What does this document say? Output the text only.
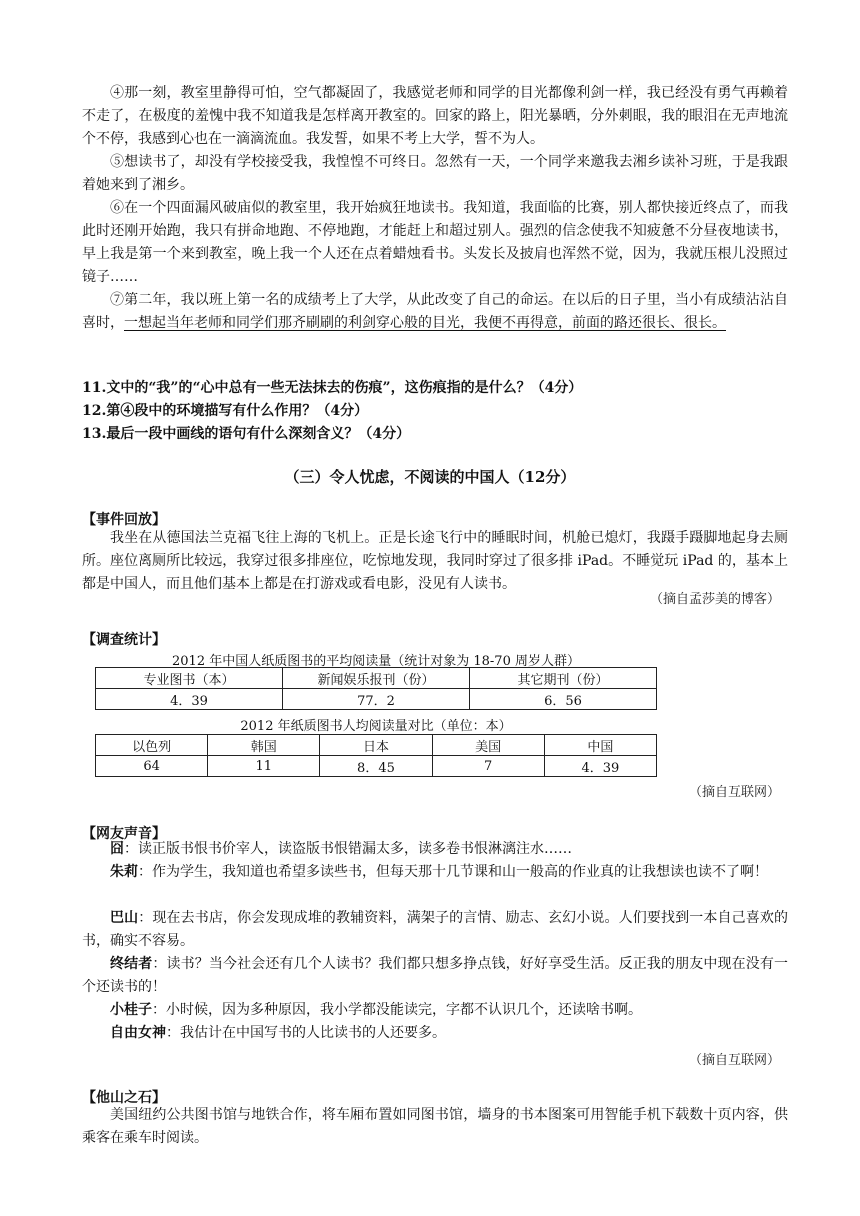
④那一刻，教室里静得可怕，空气都凝固了，我感觉老师和同学的目光都像利剑一样，我已经没有勇气再赖着不走了，在极度的羞愧中我不知道我是怎样离开教室的。回家的路上，阳光暴晒，分外刺眼，我的眼泪在无声地流个不停，我感到心也在一滴滴流血。我发誓，如果不考上大学，誓不为人。

⑤想读书了，却没有学校接受我，我惶惶不可终日。忽然有一天，一个同学来邀我去湘乡读补习班，于是我跟着她来到了湘乡。

⑥在一个四面漏风破庙似的教室里，我开始疯狂地读书。我知道，我面临的比赛，别人都快接近终点了，而我此时还刚开始跑，我只有拼命地跑、不停地跑，才能赶上和超过别人。强烈的信念使我不知疲惫不分昼夜地读书，早上我是第一个来到教室，晚上我一个人还在点着蜡烛看书。头发长及披肩也浑然不觉，因为，我就压根儿没照过镜子……

⑦第二年，我以班上第一名的成绩考上了大学，从此改变了自己的命运。在以后的日子里，当小有成绩沾沾自喜时，一想起当年老师和同学们那齐刷刷的利剑穿心般的目光，我便不再得意，前面的路还很长、很长。

11.文中的“我”的“心中总有一些无法抹去的伤痕”，这伤痕指的是什么？（4分）
12.第④段中的环境描写有什么作用？（4分）
13.最后一段中画线的语句有什么深刻含义？（4分）
（三）令人忧虑，不阅读的中国人（12分）
【事件回放】

我坐在从德国法兰克福飞往上海的飞机上。正是长途飞行中的睡眠时间，机舱已熄灯，我蹑手蹑脚地起身去厕所。座位离厕所比较远，我穿过很多排座位，吃惊地发现，我同时穿过了很多排 iPad。不睡觉玩 iPad 的，基本上都是中国人，而且他们基本上都是在打游戏或看电影，没见有人读书。

（摘自孟莎美的博客）
【调查统计】
2012 年中国人纸质图书的平均阅读量（统计对象为 18-70 周岁人群）
专业图书（本）	新闻娱乐报刊（份）	其它期刊（份）
4．39	77．2	6．56
2012 年纸质图书人均阅读量对比（单位：本）
以色列	韩国	日本	美国	中国
64	11	8．45	7	4．39
（摘自互联网）
【网友声音】

囧：读正版书恨书价宰人，读盗版书恨错漏太多，读多卷书恨淋漓注水……

朱莉：作为学生，我知道也希望多读些书，但每天那十几节课和山一般高的作业真的让我想读也读不了啊！

巴山：现在去书店，你会发现成堆的教辅资料，满架子的言情、励志、玄幻小说。人们要找到一本自己喜欢的书，确实不容易。

终结者：读书？当今社会还有几个人读书？我们都只想多挣点钱，好好享受生活。反正我的朋友中现在没有一个还读书的！

小桂子：小时候，因为多种原因，我小学都没能读完，字都不认识几个，还读啥书啊。

自由女神：我估计在中国写书的人比读书的人还要多。

（摘自互联网）
【他山之石】

美国纽约公共图书馆与地铁合作，将车厢布置如同图书馆，墙身的书本图案可用智能手机下载数十页内容，供乘客在乘车时阅读。
